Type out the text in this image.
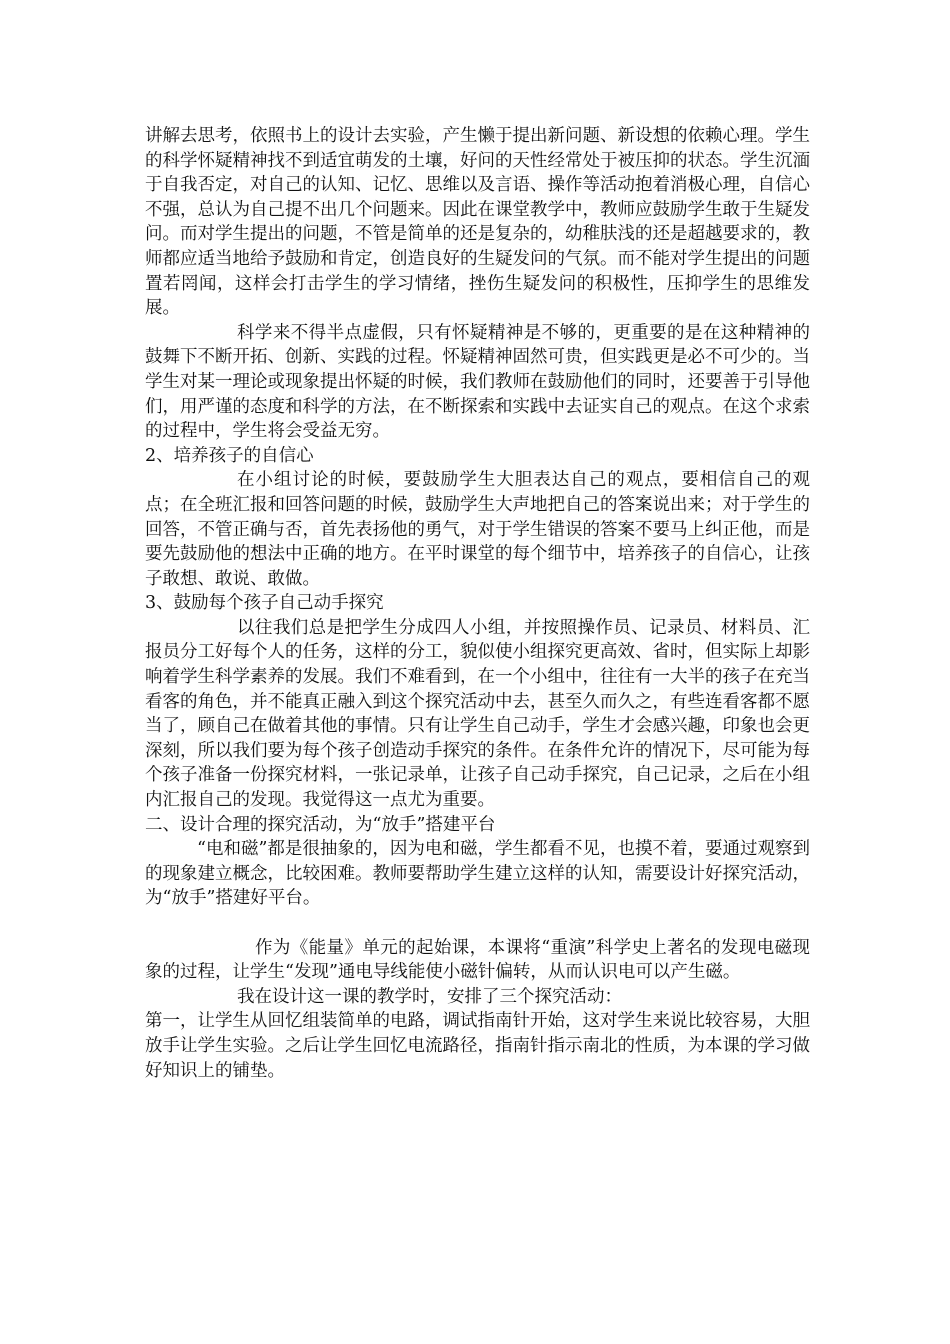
讲解去思考，依照书上的设计去实验，产生懒于提出新问题、新设想的依赖心理。学生的科学怀疑精神找不到适宜萌发的土壤，好问的天性经常处于被压抑的状态。学生沉湎于自我否定，对自己的认知、记忆、思维以及言语、操作等活动抱着消极心理，自信心不强，总认为自己提不出几个问题来。因此在课堂教学中，教师应鼓励学生敢于生疑发问。而对学生提出的问题，不管是简单的还是复杂的，幼稚肤浅的还是超越要求的，教师都应适当地给予鼓励和肯定，创造良好的生疑发问的气氛。而不能对学生提出的问题置若罔闻，这样会打击学生的学习情绪，挫伤生疑发问的积极性，压抑学生的思维发展。

科学来不得半点虚假，只有怀疑精神是不够的，更重要的是在这种精神的鼓舞下不断开拓、创新、实践的过程。怀疑精神固然可贵，但实践更是必不可少的。当学生对某一理论或现象提出怀疑的时候，我们教师在鼓励他们的同时，还要善于引导他们，用严谨的态度和科学的方法，在不断探索和实践中去证实自己的观点。在这个求索的过程中，学生将会受益无穷。

2、培养孩子的自信心

在小组讨论的时候，要鼓励学生大胆表达自己的观点，要相信自己的观点；在全班汇报和回答问题的时候，鼓励学生大声地把自己的答案说出来；对于学生的回答，不管正确与否，首先表扬他的勇气，对于学生错误的答案不要马上纠正他，而是要先鼓励他的想法中正确的地方。在平时课堂的每个细节中，培养孩子的自信心，让孩子敢想、敢说、敢做。

3、鼓励每个孩子自己动手探究

以往我们总是把学生分成四人小组，并按照操作员、记录员、材料员、汇报员分工好每个人的任务，这样的分工，貌似使小组探究更高效、省时，但实际上却影响着学生科学素养的发展。我们不难看到，在一个小组中，往往有一大半的孩子在充当看客的角色，并不能真正融入到这个探究活动中去，甚至久而久之，有些连看客都不愿当了，顾自己在做着其他的事情。只有让学生自己动手，学生才会感兴趣，印象也会更深刻，所以我们要为每个孩子创造动手探究的条件。在条件允许的情况下，尽可能为每个孩子准备一份探究材料，一张记录单，让孩子自己动手探究，自己记录，之后在小组内汇报自己的发现。我觉得这一点尤为重要。

二、设计合理的探究活动，为“放手”搭建平台

“电和磁”都是很抽象的，因为电和磁，学生都看不见，也摸不着，要通过观察到的现象建立概念，比较困难。教师要帮助学生建立这样的认知，需要设计好探究活动，为“放手”搭建好平台。

作为《能量》单元的起始课，本课将“重演”科学史上著名的发现电磁现象的过程，让学生“发现”通电导线能使小磁针偏转，从而认识电可以产生磁。

我在设计这一课的教学时，安排了三个探究活动：

第一，让学生从回忆组装简单的电路，调试指南针开始，这对学生来说比较容易，大胆放手让学生实验。之后让学生回忆电流路径，指南针指示南北的性质，为本课的学习做好知识上的铺垫。
